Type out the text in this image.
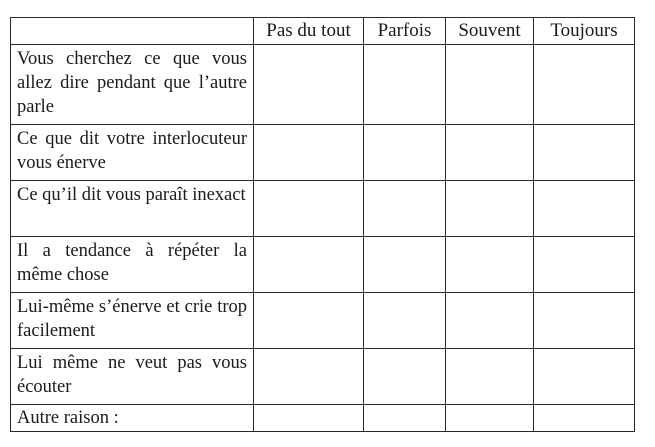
	Pas du tout	Parfois	Souvent	Toujours
Vous cherchez ce que vous allez dire pendant que l’autre parle				
Ce que dit votre interlocuteur vous énerve				
Ce qu’il dit vous paraît inexact				
Il a tendance à répéter la même chose				
Lui-même s’énerve et crie trop facilement				
Lui même ne veut pas vous écouter				
Autre raison :				
